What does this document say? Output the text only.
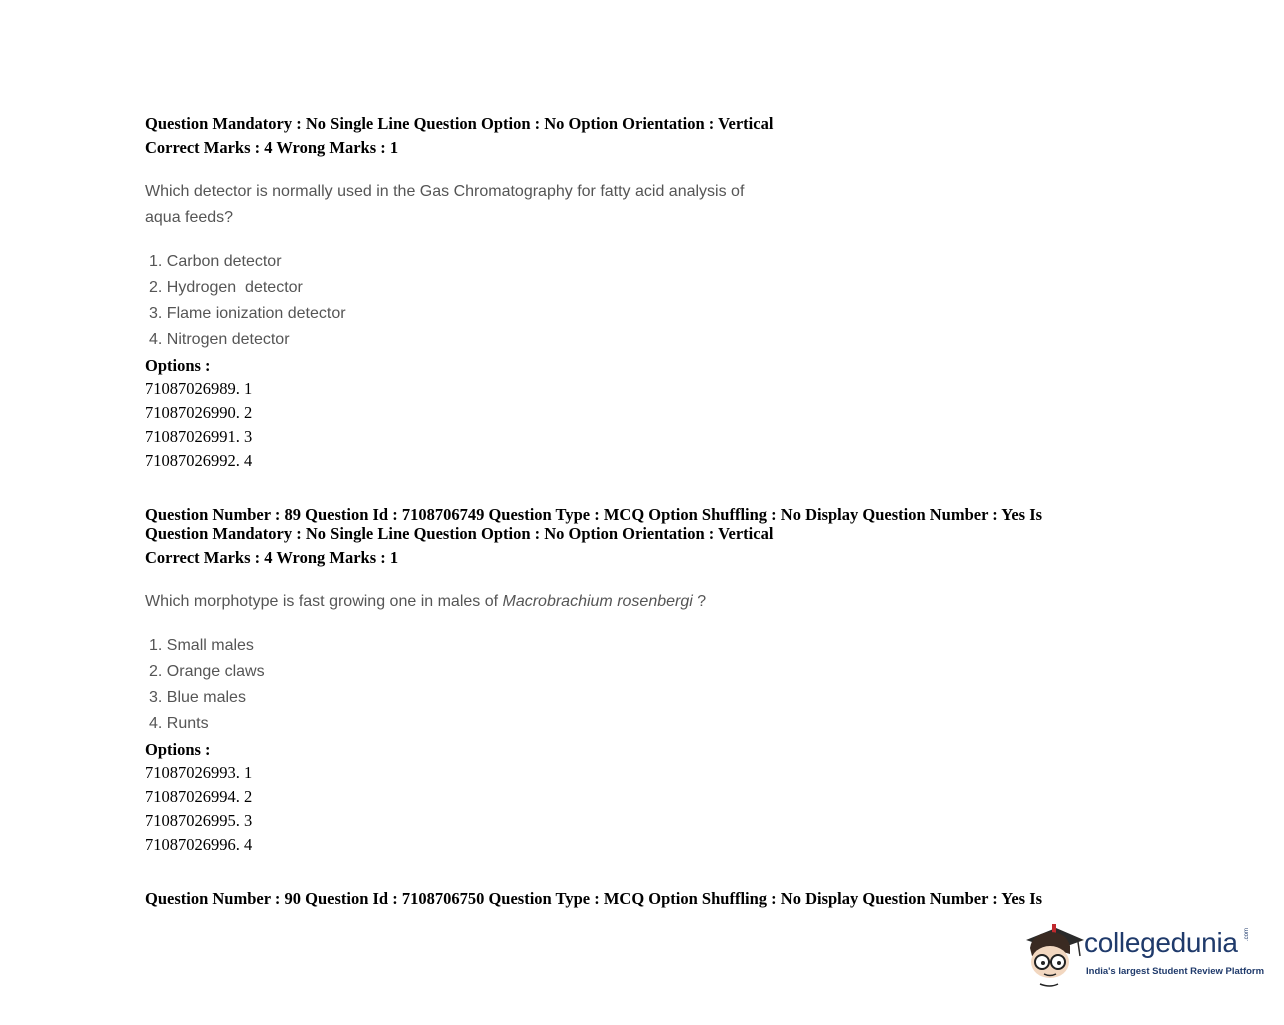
Question Mandatory : No Single Line Question Option : No Option Orientation : Vertical
Correct Marks : 4 Wrong Marks : 1
Which detector is normally used in the Gas Chromatography for fatty acid analysis of
aqua feeds?
1. Carbon detector
2. Hydrogen  detector
3. Flame ionization detector
4. Nitrogen detector
Options :
71087026989. 1
71087026990. 2
71087026991. 3
71087026992. 4
Question Number : 89 Question Id : 7108706749 Question Type : MCQ Option Shuffling : No Display Question Number : Yes Is
Question Mandatory : No Single Line Question Option : No Option Orientation : Vertical
Correct Marks : 4 Wrong Marks : 1
Which morphotype is fast growing one in males of Macrobrachium rosenbergi ?
1. Small males
2. Orange claws
3. Blue males
4. Runts
Options :
71087026993. 1
71087026994. 2
71087026995. 3
71087026996. 4
Question Number : 90 Question Id : 7108706750 Question Type : MCQ Option Shuffling : No Display Question Number : Yes Is
collegedunia .com
India's largest Student Review Platform
